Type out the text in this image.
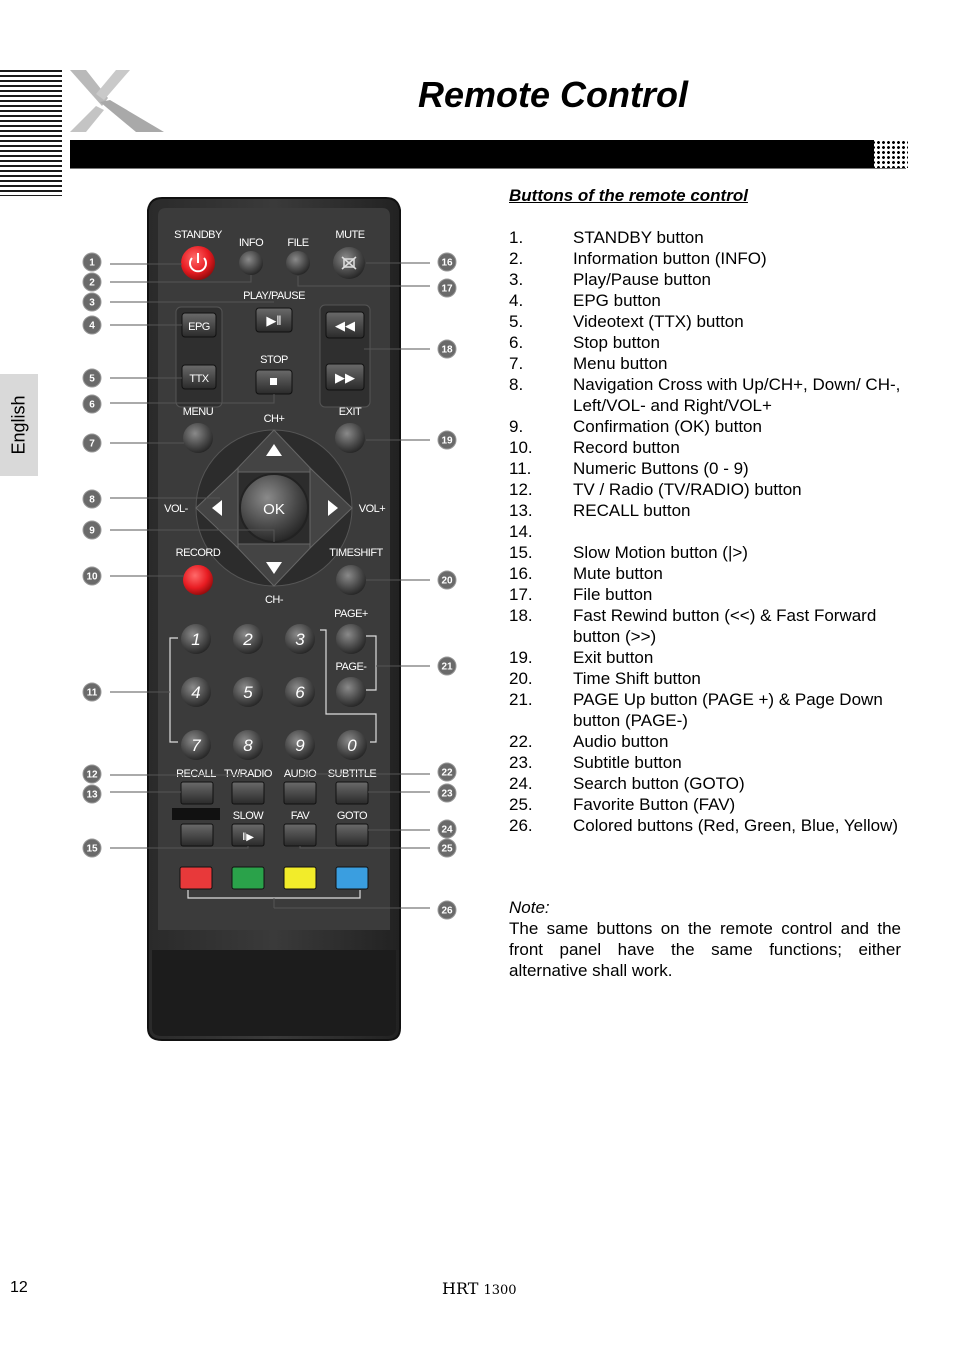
Remote Control
English
STANDBY
INFO FILE
MUTE
PLAY/PAUSE
▶‖
EPG
TTX
STOP
◀◀
▶▶
MENU	EXIT
CH+
OK
VOL-	VOL+
CH-
RECORD	TIMESHIFT
1	2	3
4	5	6
7	8	9	0
PAGE+
PAGE-
RECALL TV/RADIO AUDIO SUBTITLE
SLOW	FAV	GOTO
‖▶
1
2
3
4
5
6
7
8
9
10
11
12
13
15
16
17
18
19
20
21
22
23
24
25
26
Buttons of the remote control
1.	STANDBY button
2.	Information button (INFO)
3.	Play/Pause button
4.	EPG button
5.	Videotext (TTX) button
6.	Stop button
7.	Menu button
8.	Navigation Cross with Up/CH+, Down/ CH-, Left/VOL- and Right/VOL+
9.	Confirmation (OK) button
10. Record button
11. Numeric Buttons (0 - 9)
12. TV / Radio (TV/RADIO) button
13. RECALL button
14.
15. Slow Motion button (|>)
16. Mute button
17. File button
18. Fast Rewind button (<<) & Fast Forward button (>>)
19. Exit button
20. Time Shift button
21. PAGE Up button (PAGE +) & Page Down button (PAGE-)
22. Audio button
23. Subtitle button
24. Search button (GOTO)
25. Favorite Button (FAV)
26. Colored buttons (Red, Green, Blue, Yellow)
Note:
The same buttons on the remote control and the front panel have the same functions; either alternative shall work.
12	HRT 1300
